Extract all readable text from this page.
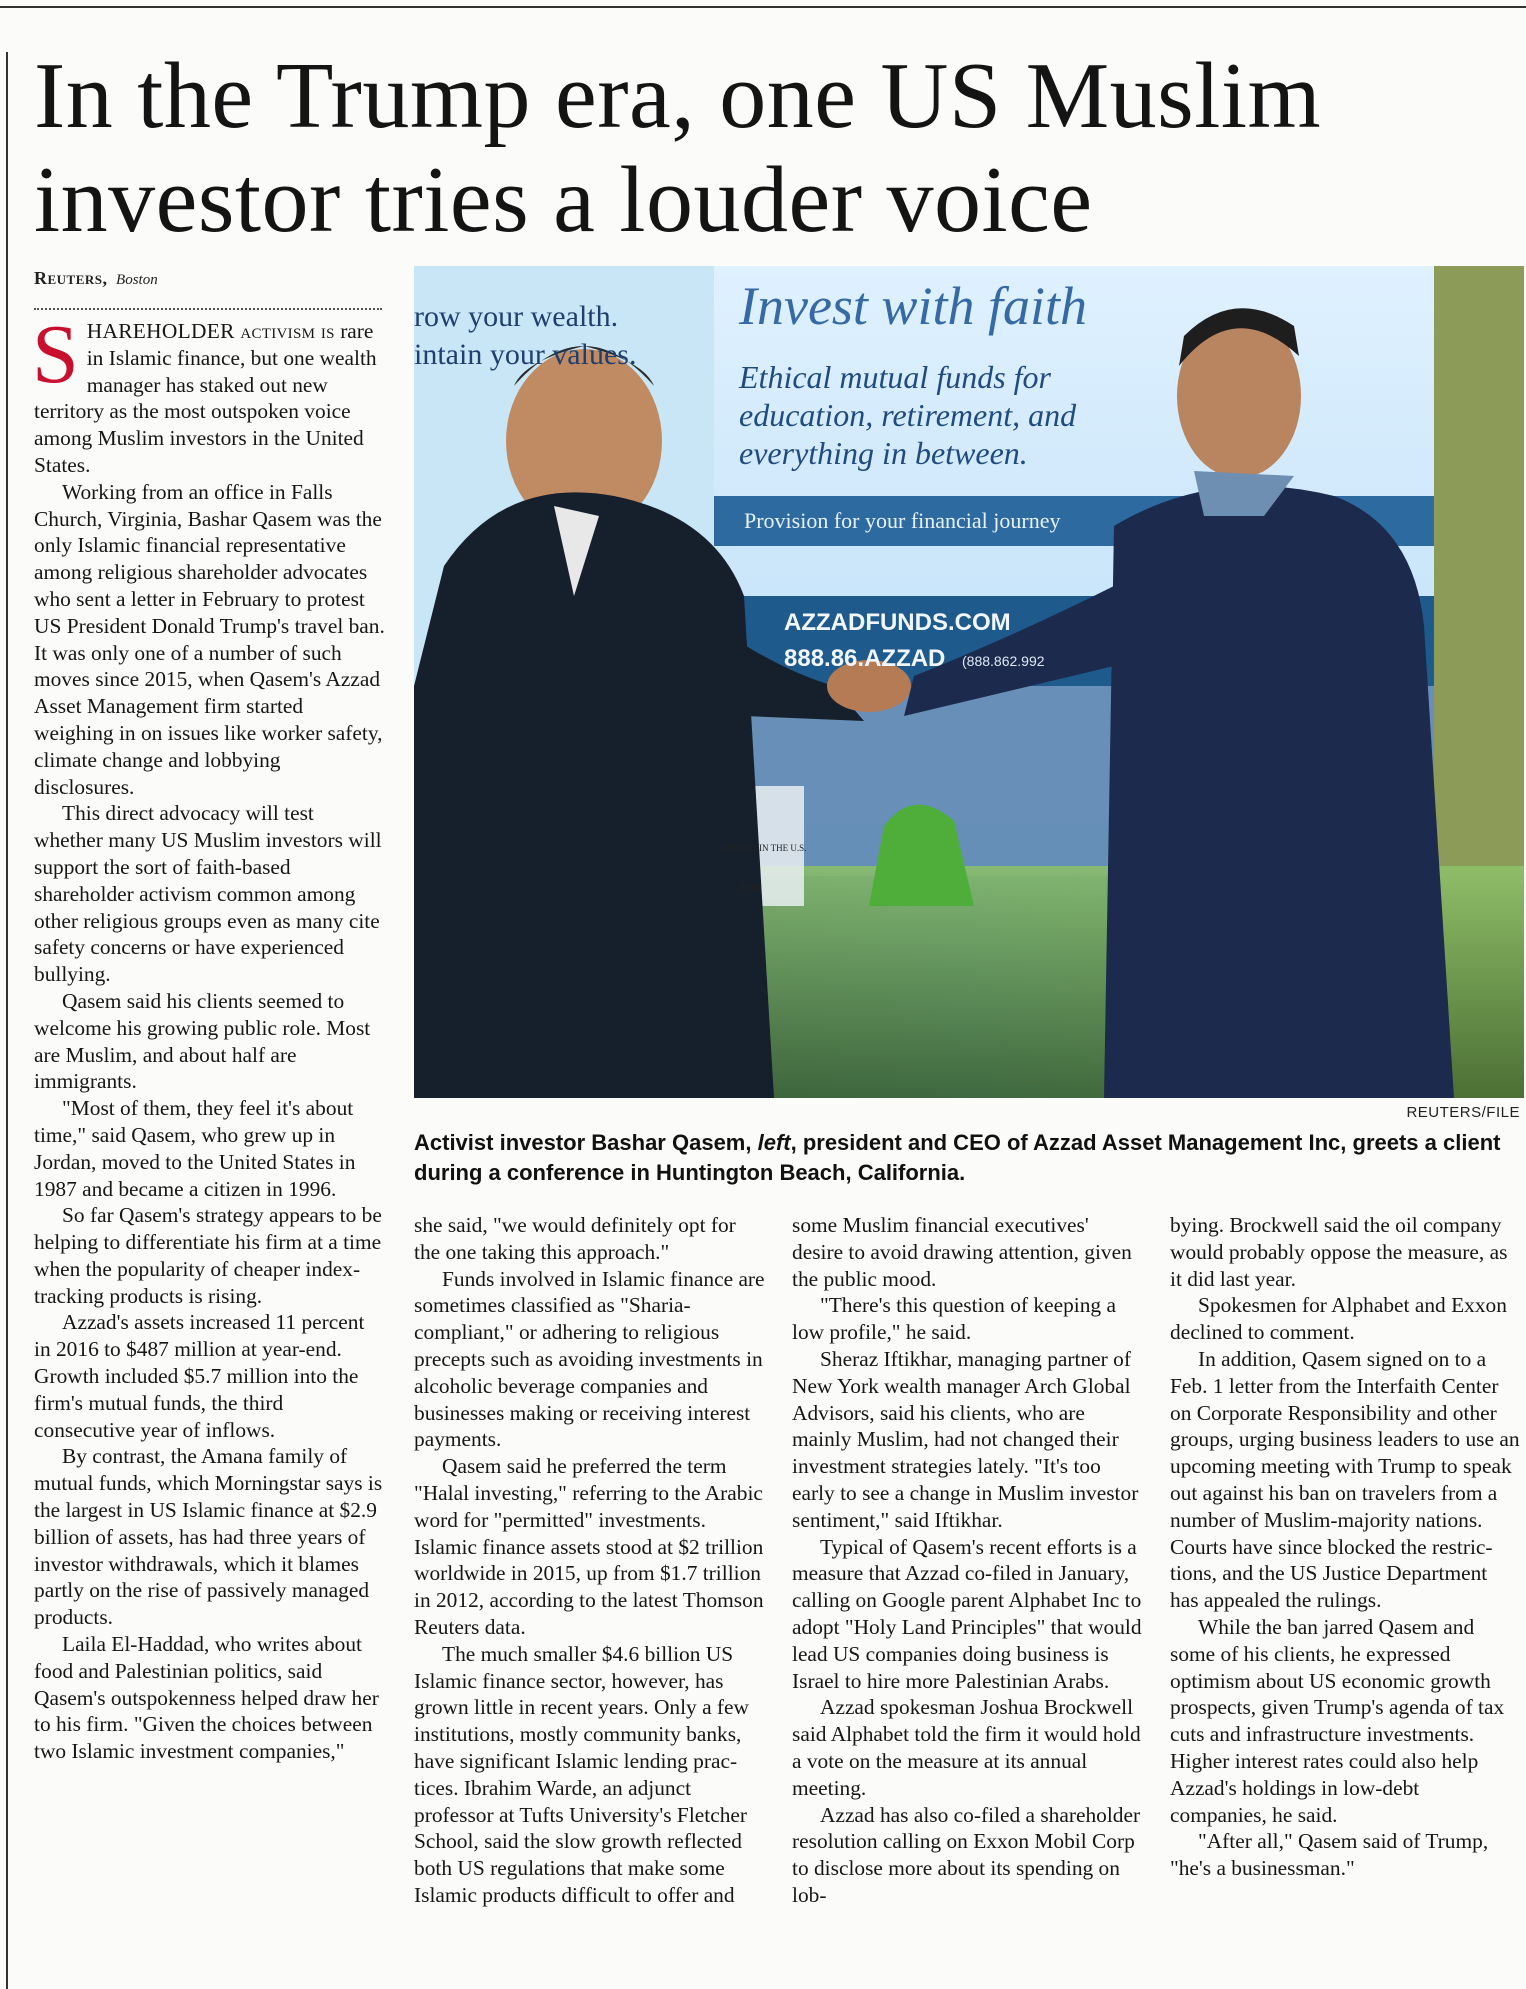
In the Trump era, one US Muslim
investor tries a louder voice
Reuters, Boston
row your wealth.
intain your values.
Invest with faith
Ethical mutual funds for
education, retirement, and
everything in between.
Provision for your financial journey
AZZADFUNDS.COM
888.86.AZZAD (888.862.992
TOP RIAs IN THE U.S.
2016
REUTERS/FILE
Activist investor Bashar Qasem, left, president and CEO of Azzad Asset Management Inc, greets a client during a conference in Huntington Beach, California.

SHAREHOLDER activism is rare in Islamic finance, but one wealth manager has staked out new territory as the most outspoken voice among Muslim investors in the United States.

Working from an office in Falls Church, Virginia, Bashar Qasem was the only Islamic financial representative among religious shareholder advocates who sent a letter in February to protest US President Donald Trump's travel ban. It was only one of a number of such moves since 2015, when Qasem's Azzad Asset Management firm started weighing in on issues like worker safety, climate change and lobbying disclosures.

This direct advocacy will test whether many US Muslim investors will support the sort of faith-based shareholder activism common among other religious groups even as many cite safety concerns or have experienced bullying.

Qasem said his clients seemed to welcome his growing public role. Most are Muslim, and about half are immigrants.

"Most of them, they feel it's about time," said Qasem, who grew up in Jordan, moved to the United States in 1987 and became a citizen in 1996.

So far Qasem's strategy appears to be helping to differentiate his firm at a time when the popularity of cheaper index-tracking products is rising.

Azzad's assets increased 11 percent in 2016 to $487 million at year-end. Growth included $5.7 million into the firm's mutual funds, the third consecutive year of inflows.

By contrast, the Amana family of mutual funds, which Morningstar says is the largest in US Islamic finance at $2.9 billion of assets, has had three years of investor withdrawals, which it blames partly on the rise of passively managed products.

Laila El-Haddad, who writes about food and Palestinian politics, said Qasem's outspokenness helped draw her to his firm. "Given the choices between two Islamic investment companies,"

she said, "we would definitely opt for the one taking this approach."

Funds involved in Islamic finance are sometimes classified as "Sharia-compliant," or adhering to religious precepts such as avoiding investments in alcoholic beverage companies and businesses making or receiving interest payments.

Qasem said he preferred the term "Halal investing," referring to the Arabic word for "permitted" investments. Islamic finance assets stood at $2 trillion worldwide in 2015, up from $1.7 trillion in 2012, according to the latest Thomson Reuters data.

The much smaller $4.6 billion US Islamic finance sector, however, has grown little in recent years. Only a few institutions, mostly community banks, have significant Islamic lending practices. Ibrahim Warde, an adjunct professor at Tufts University's Fletcher School, said the slow growth reflected both US regulations that make some Islamic products difficult to offer and

some Muslim financial executives' desire to avoid drawing attention, given the public mood.

"There's this question of keeping a low profile," he said.

Sheraz Iftikhar, managing partner of New York wealth manager Arch Global Advisors, said his clients, who are mainly Muslim, had not changed their investment strategies lately. "It's too early to see a change in Muslim investor sentiment," said Iftikhar.

Typical of Qasem's recent efforts is a measure that Azzad co-filed in January, calling on Google parent Alphabet Inc to adopt "Holy Land Principles" that would lead US companies doing business is Israel to hire more Palestinian Arabs.

Azzad spokesman Joshua Brockwell said Alphabet told the firm it would hold a vote on the measure at its annual meeting.

Azzad has also co-filed a shareholder resolution calling on Exxon Mobil Corp to disclose more about its spending on lob-

bying. Brockwell said the oil company would probably oppose the measure, as it did last year.

Spokesmen for Alphabet and Exxon declined to comment.

In addition, Qasem signed on to a Feb. 1 letter from the Interfaith Center on Corporate Responsibility and other groups, urging business leaders to use an upcoming meeting with Trump to speak out against his ban on travelers from a number of Muslim-majority nations. Courts have since blocked the restrictions, and the US Justice Department has appealed the rulings.

While the ban jarred Qasem and some of his clients, he expressed optimism about US economic growth prospects, given Trump's agenda of tax cuts and infrastructure investments. Higher interest rates could also help Azzad's holdings in low-debt companies, he said.

"After all," Qasem said of Trump, "he's a businessman."
